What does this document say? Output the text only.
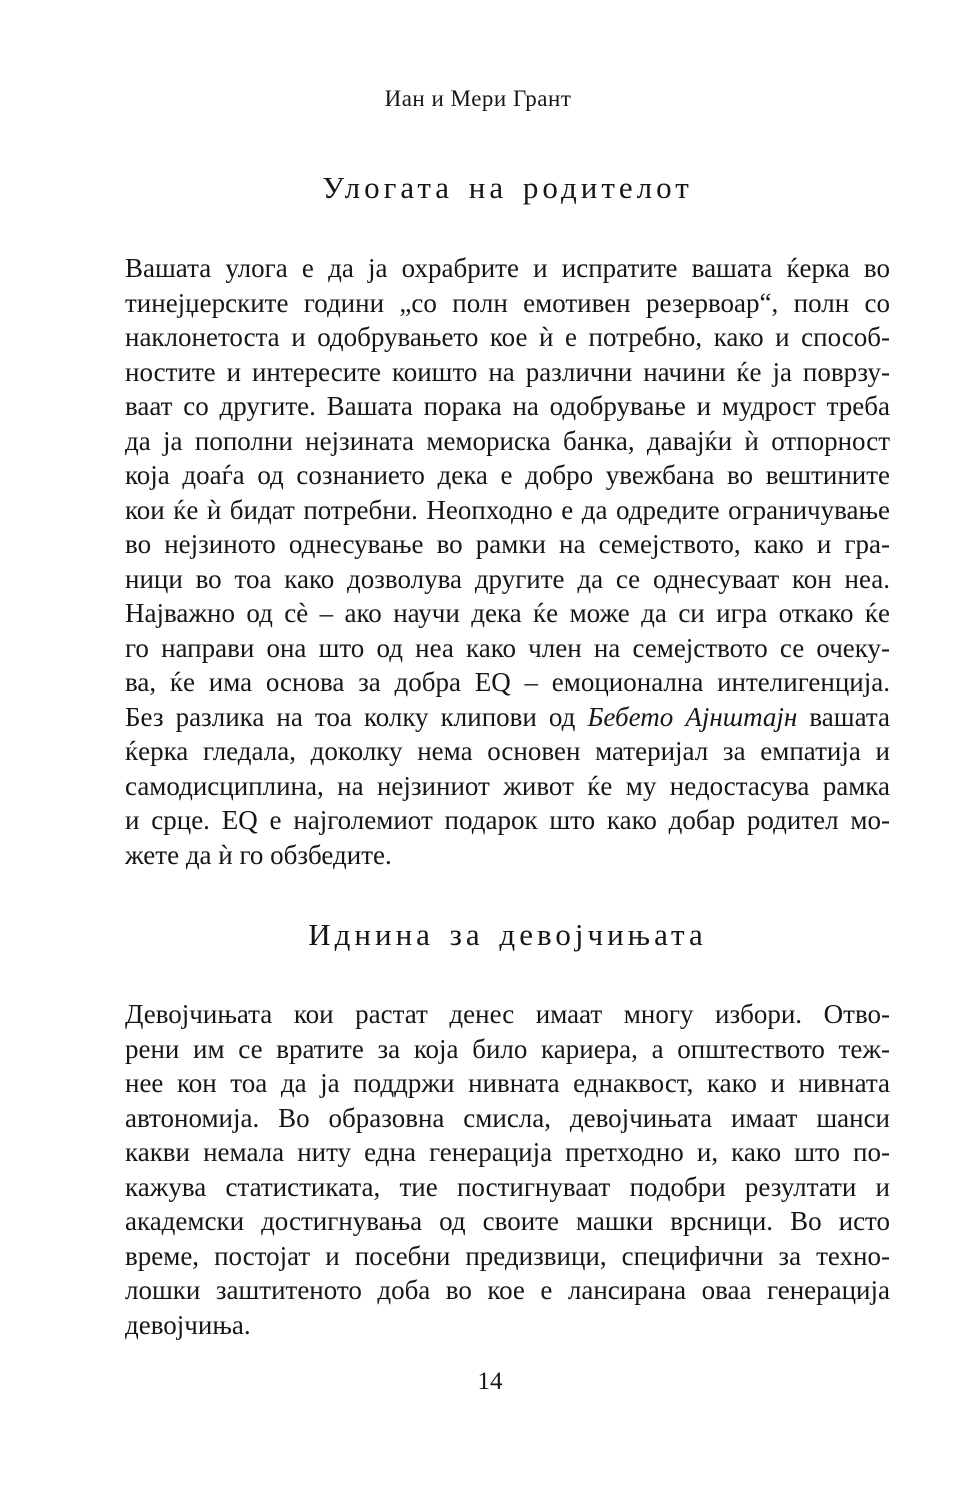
Иан и Мери Грант
Улогата на родителот
Вашата улога е да ја охрабрите и испратите вашата ќерка во
тинејџерските години „со полн емотивен резервоар“, полн со
наклонетоста и одобрувањето кое ѝ е потребно, како и способ-
ностите и интересите коишто на различни начини ќе ја поврзу-
ваат со другите. Вашата порака на одобрување и мудрост треба
да ја пополни нејзината мемориска банка, давајќи ѝ отпорност
која доаѓа од сознанието дека е добро увежбана во вештините
кои ќе ѝ бидат потребни. Неопходно е да одредите ограничување
во нејзиното однесување во рамки на семејството, како и гра-
ници во тоа како дозволува другите да се однесуваат кон неа.
Најважно од сè – ако научи дека ќе може да си игра откако ќе
го направи она што од неа како член на семејството се очеку-
ва, ќе има основа за добра EQ – емоционална интелигенција.
Без разлика на тоа колку клипови од Бебето Ајнштајн вашата
ќерка гледала, доколку нема основен материјал за емпатија и
самодисциплина, на нејзиниот живот ќе му недостасува рамка
и срце. EQ е најголемиот подарок што како добар родител мо-
жете да ѝ го обзбедите.
Иднина за девојчињата
Девојчињата кои растат денес имаат многу избори. Отво-
рени им се вратите за која било кариера, а општеството теж-
нее кон тоа да ја поддржи нивната еднаквост, како и нивната
автономија. Во образовна смисла, девојчињата имаат шанси
какви немала ниту една генерација претходно и, како што по-
кажува статистиката, тие постигнуваат подобри резултати и
академски достигнувања од своите машки врсници. Во исто
време, постојат и посебни предизвици, специфични за техно-
лошки заштитеното доба во кое е лансирана оваа генерација
девојчиња.
14
